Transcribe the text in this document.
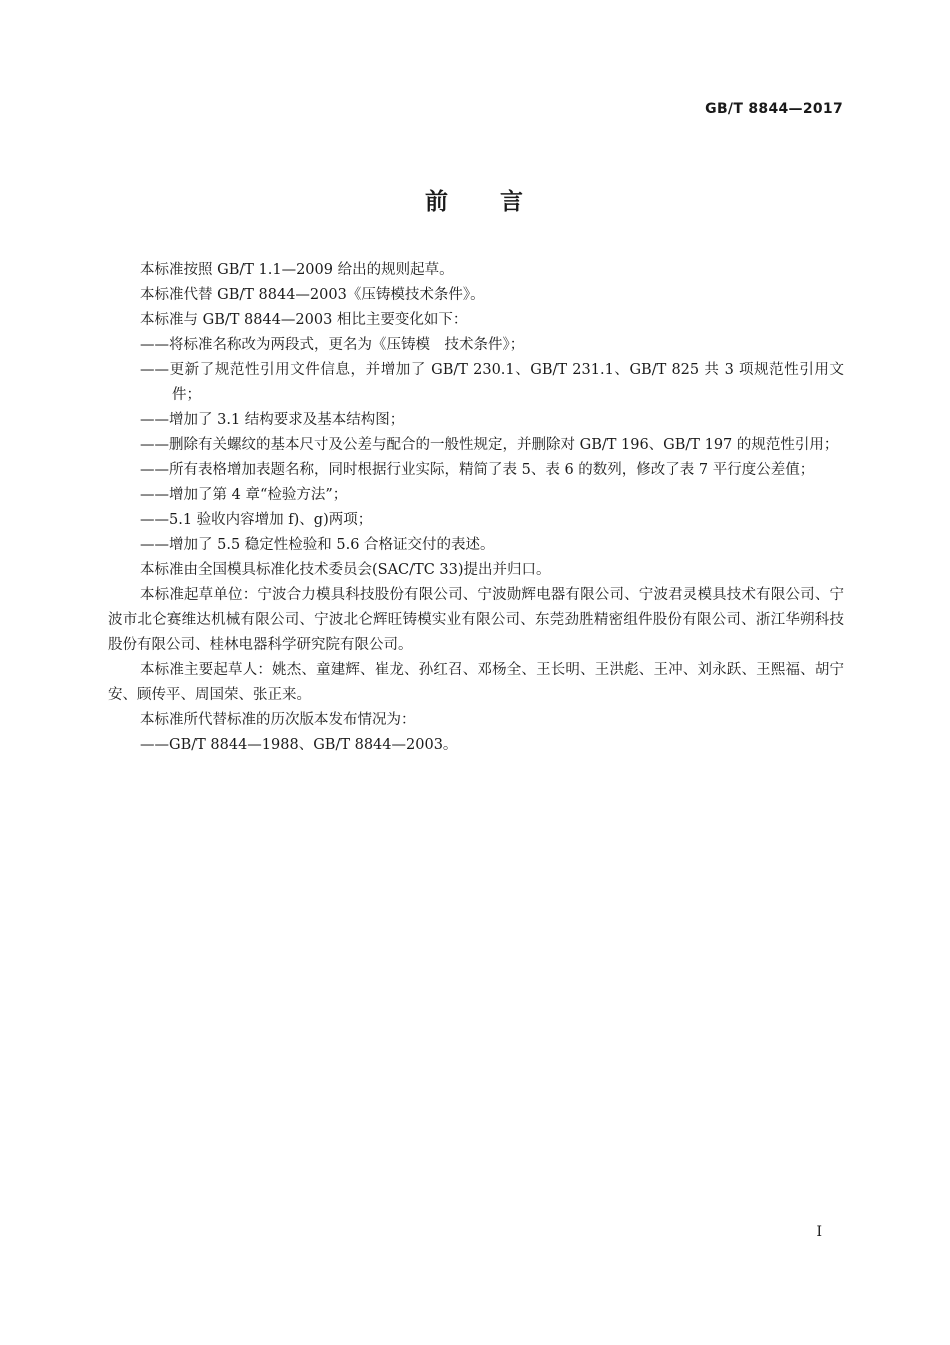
GB/T 8844—2017
前　　言

本标准按照 GB/T 1.1—2009 给出的规则起草。

本标准代替 GB/T 8844—2003《压铸模技术条件》。

本标准与 GB/T 8844—2003 相比主要变化如下：

——将标准名称改为两段式，更名为《压铸模　技术条件》；

——更新了规范性引用文件信息，并增加了 GB/T 230.1、GB/T 231.1、GB/T 825 共 3 项规范性引用文件；

——增加了 3.1 结构要求及基本结构图；

——删除有关螺纹的基本尺寸及公差与配合的一般性规定，并删除对 GB/T 196、GB/T 197 的规范性引用；

——所有表格增加表题名称，同时根据行业实际，精简了表 5、表 6 的数列，修改了表 7 平行度公差值；

——增加了第 4 章“检验方法”；

——5.1 验收内容增加 f)、g)两项；

——增加了 5.5 稳定性检验和 5.6 合格证交付的表述。

本标准由全国模具标准化技术委员会(SAC/TC 33)提出并归口。

本标准起草单位：宁波合力模具科技股份有限公司、宁波勋辉电器有限公司、宁波君灵模具技术有限公司、宁波市北仑赛维达机械有限公司、宁波北仑辉旺铸模实业有限公司、东莞劲胜精密组件股份有限公司、浙江华朔科技股份有限公司、桂林电器科学研究院有限公司。

本标准主要起草人：姚杰、童建辉、崔龙、孙红召、邓杨全、王长明、王洪彪、王冲、刘永跃、王熙福、胡宁安、顾传平、周国荣、张正来。

本标准所代替标准的历次版本发布情况为：

——GB/T 8844—1988、GB/T 8844—2003。

I
